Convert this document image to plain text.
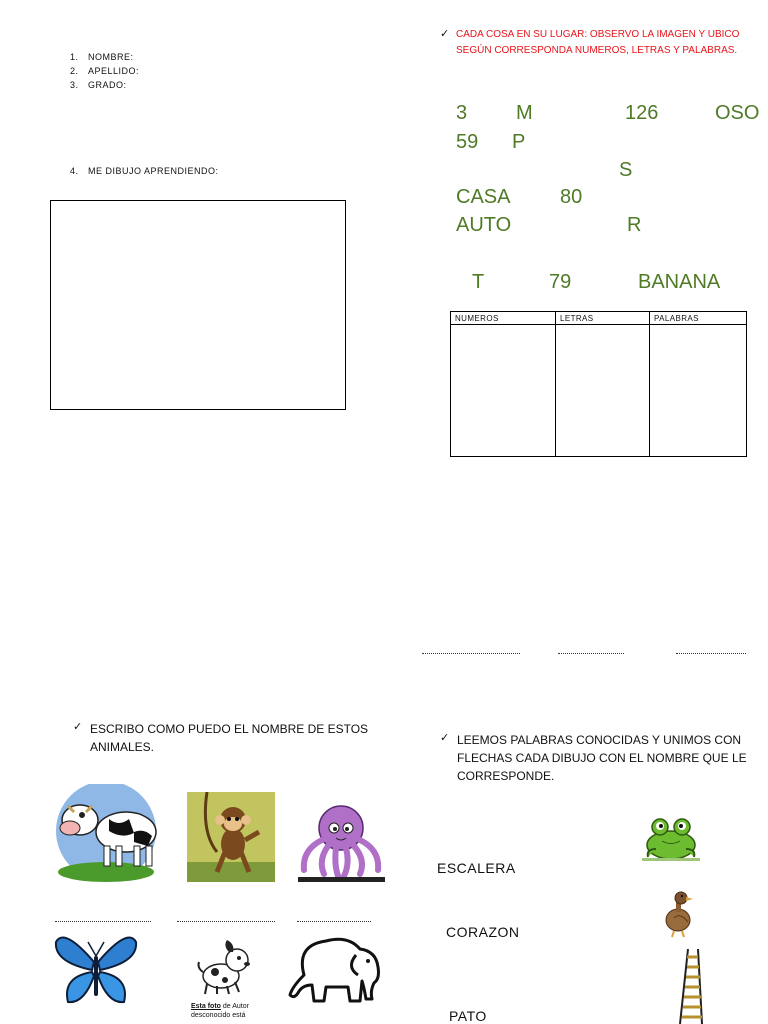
1. NOMBRE:
2. APELLIDO:
3. GRADO:
4. ME DIBUJO APRENDIENDO:
✓ CADA COSA EN SU LUGAR: OBSERVO LA IMAGEN Y UBICO
SEGÚN CORRESPONDA NUMEROS, LETRAS Y PALABRAS.
3 M	126	OSO
59 P
S
CASA 80
AUTO	R
T	79	BANANA
NUMEROS	LETRAS	PALABRAS

✓ ESCRIBO COMO PUEDO EL NOMBRE DE ESTOS
ANIMALES.
Esta foto de Autor
desconocido está
✓ LEEMOS PALABRAS CONOCIDAS Y UNIMOS CON
FLECHAS CADA DIBUJO CON EL NOMBRE QUE LE
CORRESPONDE.
ESCALERA
CORAZON
PATO
